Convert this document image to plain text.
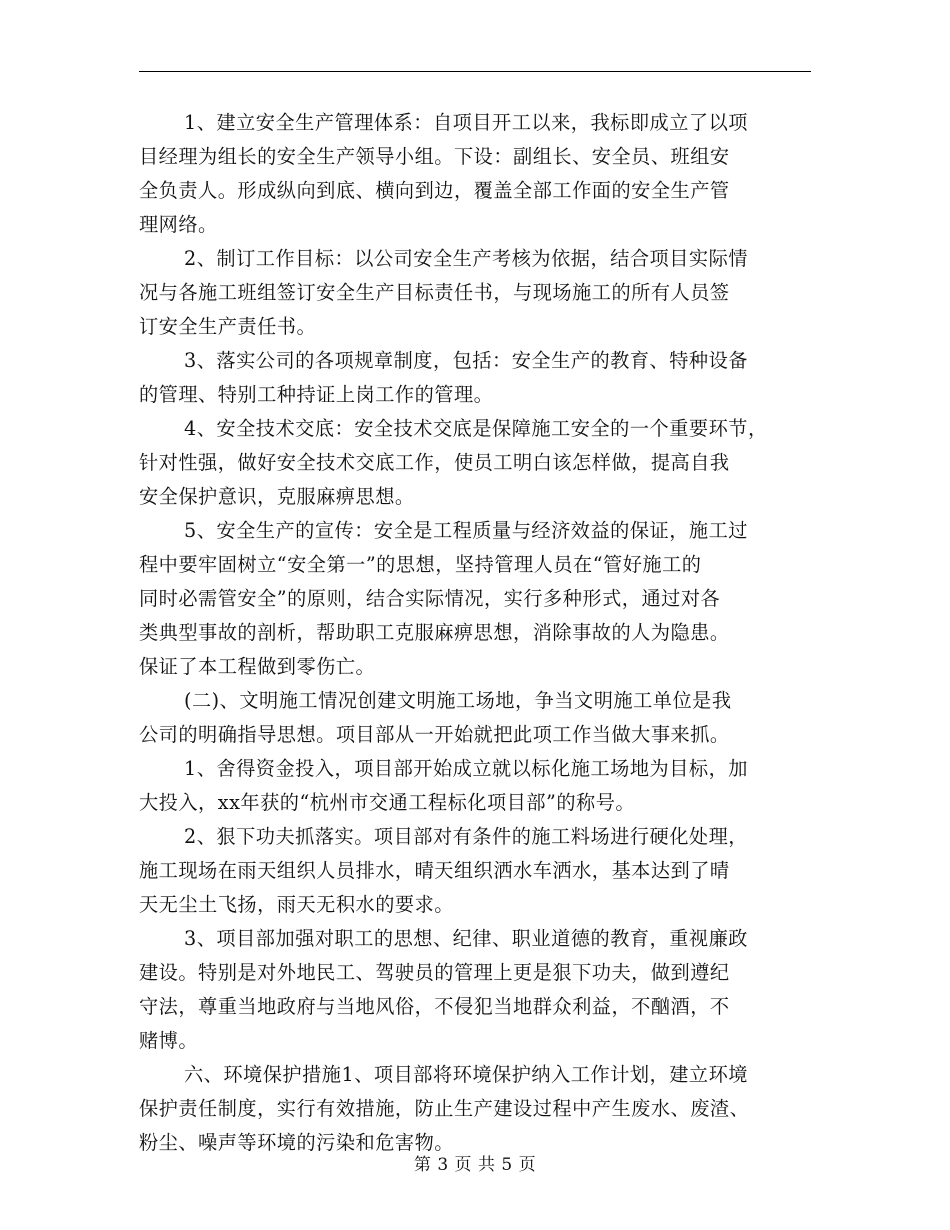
1、建立安全生产管理体系：自项目开工以来，我标即成立了以项
目经理为组长的安全生产领导小组。下设：副组长、安全员、班组安
全负责人。形成纵向到底、横向到边，覆盖全部工作面的安全生产管
理网络。
2、制订工作目标：以公司安全生产考核为依据，结合项目实际情
况与各施工班组签订安全生产目标责任书，与现场施工的所有人员签
订安全生产责任书。
3、落实公司的各项规章制度，包括：安全生产的教育、特种设备
的管理、特别工种持证上岗工作的管理。
4、安全技术交底：安全技术交底是保障施工安全的一个重要环节，
针对性强，做好安全技术交底工作，使员工明白该怎样做，提高自我
安全保护意识，克服麻痹思想。
5、安全生产的宣传：安全是工程质量与经济效益的保证，施工过
程中要牢固树立“安全第一”的思想，坚持管理人员在“管好施工的
同时必需管安全”的原则，结合实际情况，实行多种形式，通过对各
类典型事故的剖析，帮助职工克服麻痹思想，消除事故的人为隐患。
保证了本工程做到零伤亡。
(二)、文明施工情况创建文明施工场地，争当文明施工单位是我
公司的明确指导思想。项目部从一开始就把此项工作当做大事来抓。
1、舍得资金投入，项目部开始成立就以标化施工场地为目标，加
大投入，xx年获的“杭州市交通工程标化项目部”的称号。
2、狠下功夫抓落实。项目部对有条件的施工料场进行硬化处理，
施工现场在雨天组织人员排水，晴天组织洒水车洒水，基本达到了晴
天无尘土飞扬，雨天无积水的要求。
3、项目部加强对职工的思想、纪律、职业道德的教育，重视廉政
建设。特别是对外地民工、驾驶员的管理上更是狠下功夫，做到遵纪
守法，尊重当地政府与当地风俗，不侵犯当地群众利益，不酗酒，不
赌博。
六、环境保护措施1、项目部将环境保护纳入工作计划，建立环境
保护责任制度，实行有效措施，防止生产建设过程中产生废水、废渣、
粉尘、噪声等环境的污染和危害物。
第 3 页 共 5 页
